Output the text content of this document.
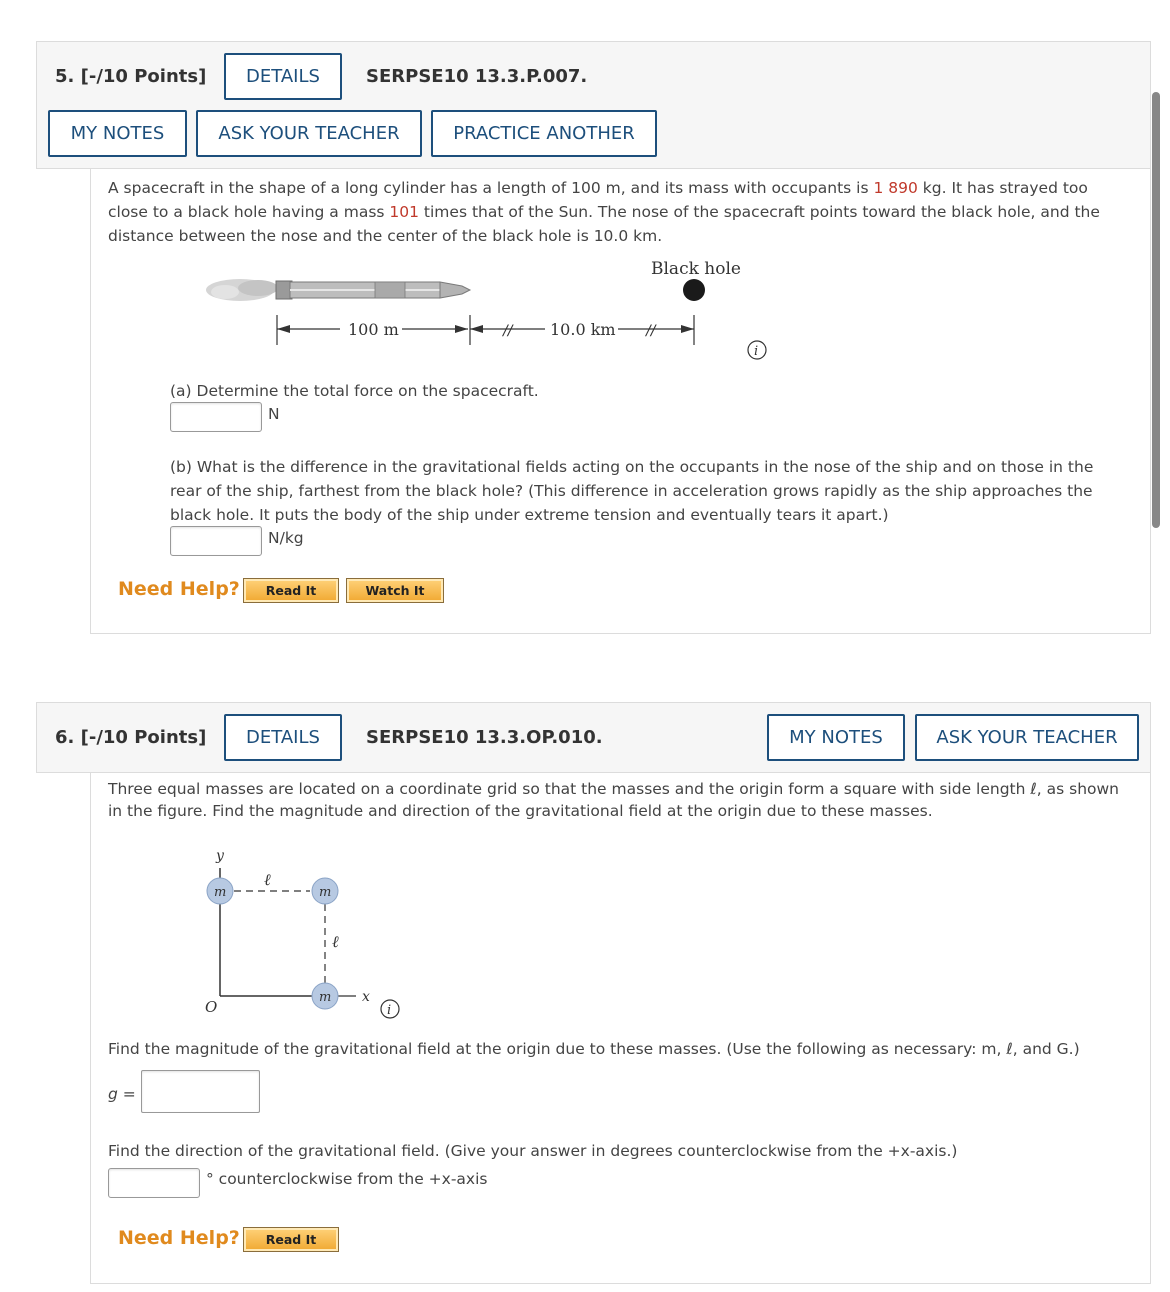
5. [-/10 Points]	DETAILS	SERPSE10 13.3.P.007.
MY NOTES	ASK YOUR TEACHER	PRACTICE ANOTHER
A spacecraft in the shape of a long cylinder has a length of 100 m, and its mass with occupants is 1 890 kg. It has strayed too
close to a black hole having a mass 101 times that of the Sun. The nose of the spacecraft points toward the black hole, and the
distance between the nose and the center of the black hole is 10.0 km.
Black hole
100 m	// 10.0 km //
i
(a) Determine the total force on the spacecraft.
N
(b) What is the difference in the gravitational fields acting on the occupants in the nose of the ship and on those in the
rear of the ship, farthest from the black hole? (This difference in acceleration grows rapidly as the ship approaches the
black hole. It puts the body of the ship under extreme tension and eventually tears it apart.)
N/kg
Need Help?	Read It	Watch It
6. [-/10 Points]	DETAILS	SERPSE10 13.3.OP.010.	MY NOTES	ASK YOUR TEACHER
Three equal masses are located on a coordinate grid so that the masses and the origin form a square with side length ℓ, as shown
in the figure. Find the magnitude and direction of the gravitational field at the origin due to these masses.
y
x
O
ℓ
ℓ
m	m
m
i
Find the magnitude of the gravitational field at the origin due to these masses. (Use the following as necessary: m, ℓ, and G.)
g =
Find the direction of the gravitational field. (Give your answer in degrees counterclockwise from the +x-axis.)
° counterclockwise from the +x-axis
Need Help?	Read It
